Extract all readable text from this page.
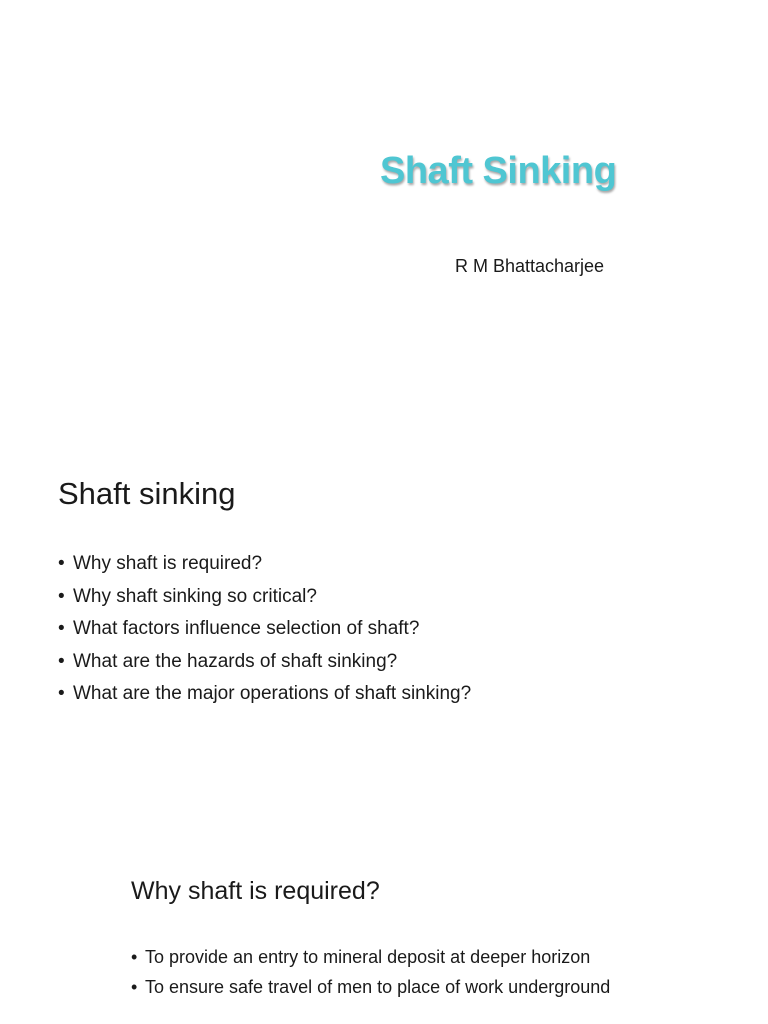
Shaft Sinking
R M Bhattacharjee
Shaft sinking
• Why shaft is required?
• Why shaft sinking so critical?
• What factors influence selection of shaft?
• What are the hazards of shaft sinking?
• What are the major operations of shaft sinking?
Why shaft is required?
• To provide an entry to mineral deposit at deeper horizon
• To ensure safe travel of men to place of work underground
